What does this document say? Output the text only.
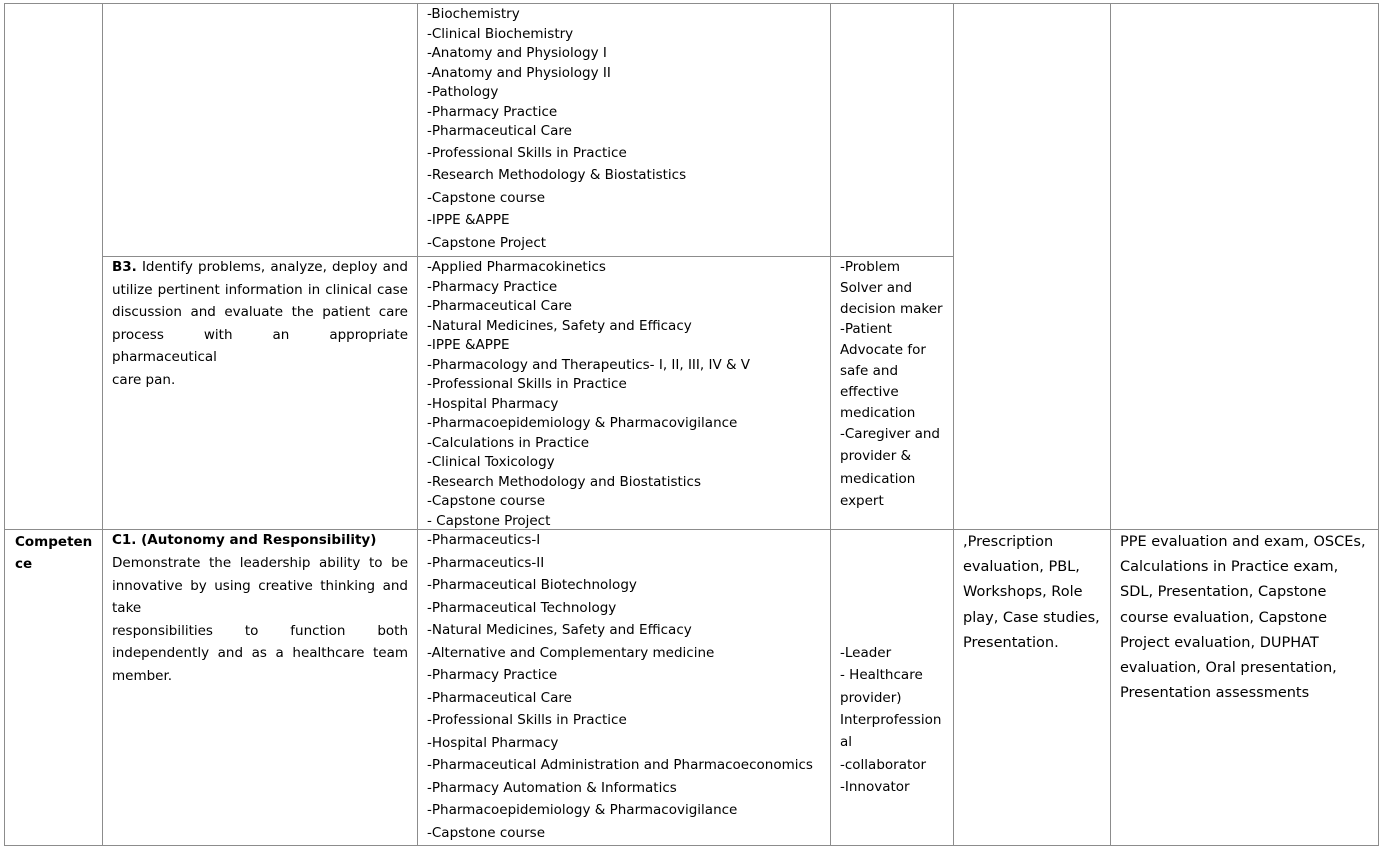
-Biochemistry
-Clinical Biochemistry
-Anatomy and Physiology I
-Anatomy and Physiology II
-Pathology
-Pharmacy Practice
-Pharmaceutical Care
-Professional Skills in Practice
-Research Methodology & Biostatistics
-Capstone course
-IPPE &APPE
-Capstone Project
B3. Identify problems, analyze, deploy and
utilize pertinent information in clinical case
discussion and evaluate the patient care
process with an appropriate pharmaceutical
care pan.
-Applied Pharmacokinetics
-Pharmacy Practice
-Pharmaceutical Care
-Natural Medicines, Safety and Efficacy
-IPPE &APPE
-Pharmacology and Therapeutics- I, II, III, IV & V
-Professional Skills in Practice
-Hospital Pharmacy
-Pharmacoepidemiology & Pharmacovigilance
-Calculations in Practice
-Clinical Toxicology
-Research Methodology and Biostatistics
-Capstone course
- Capstone Project
-Problem
Solver and
decision maker
-Patient
Advocate for
safe and
effective
medication
-Caregiver and
provider &
medication
expert
Competen
ce
C1. (Autonomy and Responsibility)
Demonstrate the leadership ability to be
innovative by using creative thinking and take
responsibilities to function both
independently and as a healthcare team
member.
-Pharmaceutics-I
-Pharmaceutics-II
-Pharmaceutical Biotechnology
-Pharmaceutical Technology
-Natural Medicines, Safety and Efficacy
-Alternative and Complementary medicine
-Pharmacy Practice
-Pharmaceutical Care
-Professional Skills in Practice
-Hospital Pharmacy
-Pharmaceutical Administration and Pharmacoeconomics
-Pharmacy Automation & Informatics
-Pharmacoepidemiology & Pharmacovigilance
-Capstone course
-Leader
- Healthcare
provider)
Interprofession
al
-collaborator
-Innovator
,Prescription
evaluation, PBL,
Workshops, Role
play, Case studies,
Presentation.
PPE evaluation and exam, OSCEs,
Calculations in Practice exam,
SDL, Presentation, Capstone
course evaluation, Capstone
Project evaluation, DUPHAT
evaluation, Oral presentation,
Presentation assessments
